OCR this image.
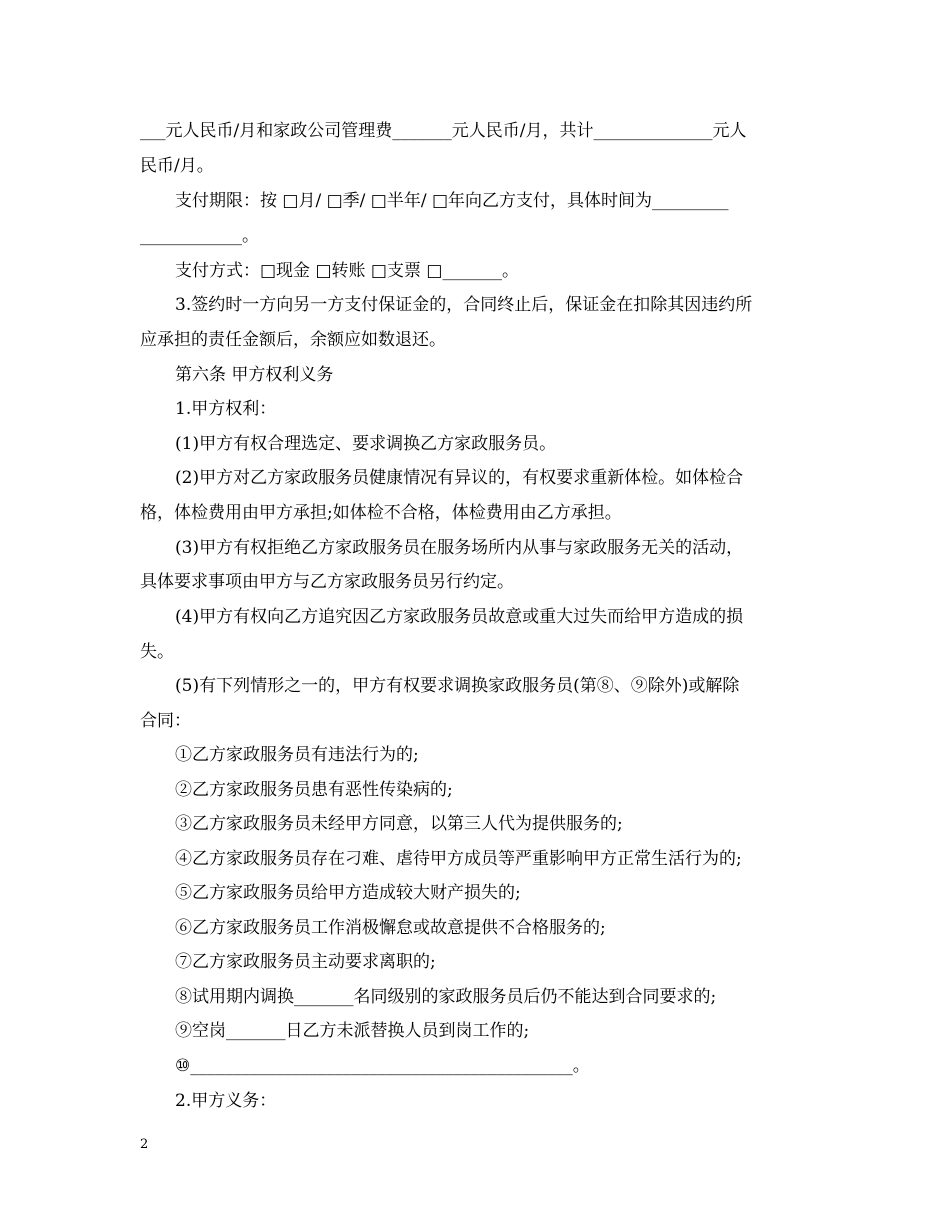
___元人民币/月和家政公司管理费_______元人民币/月，共计______________元人

民币/月。

支付期限：按 □月/ □季/ □半年/ □年向乙方支付，具体时间为_________

____________。

支付方式：□现金 □转账 □支票 □_______。

3.签约时一方向另一方支付保证金的，合同终止后，保证金在扣除其因违约所

应承担的责任金额后，余额应如数退还。

第六条 甲方权利义务

1.甲方权利：

(1)甲方有权合理选定、要求调换乙方家政服务员。

(2)甲方对乙方家政服务员健康情况有异议的，有权要求重新体检。如体检合

格，体检费用由甲方承担;如体检不合格，体检费用由乙方承担。

(3)甲方有权拒绝乙方家政服务员在服务场所内从事与家政服务无关的活动，

具体要求事项由甲方与乙方家政服务员另行约定。

(4)甲方有权向乙方追究因乙方家政服务员故意或重大过失而给甲方造成的损

失。

(5)有下列情形之一的，甲方有权要求调换家政服务员(第⑧、⑨除外)或解除

合同：

①乙方家政服务员有违法行为的;

②乙方家政服务员患有恶性传染病的;

③乙方家政服务员未经甲方同意，以第三人代为提供服务的;

④乙方家政服务员存在刁难、虐待甲方成员等严重影响甲方正常生活行为的;

⑤乙方家政服务员给甲方造成较大财产损失的;

⑥乙方家政服务员工作消极懈怠或故意提供不合格服务的;

⑦乙方家政服务员主动要求离职的;

⑧试用期内调换_______名同级别的家政服务员后仍不能达到合同要求的;

⑨空岗_______日乙方未派替换人员到岗工作的;

⑩_____________________________________________。

2.甲方义务：

2
